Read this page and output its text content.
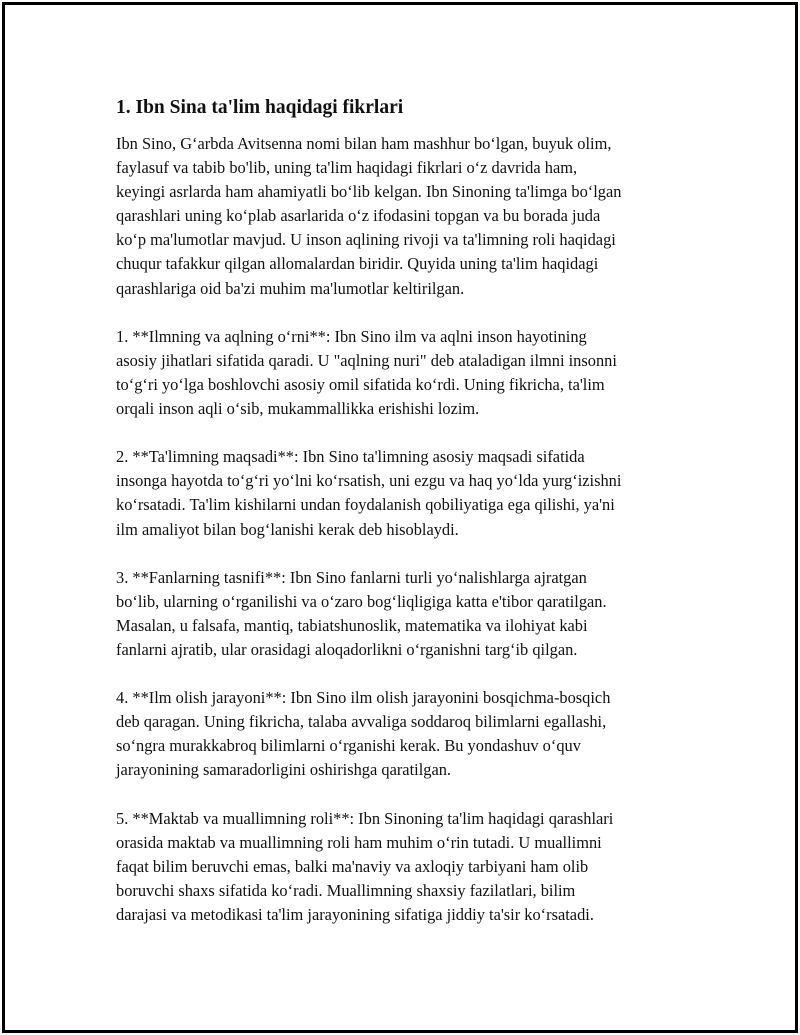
1. Ibn Sina ta'lim haqidagi fikrlari

Ibn Sino, G‘arbda Avitsenna nomi bilan ham mashhur bo‘lgan, buyuk olim,
faylasuf va tabib bo'lib, uning ta'lim haqidagi fikrlari o‘z davrida ham,
keyingi asrlarda ham ahamiyatli bo‘lib kelgan. Ibn Sinoning ta'limga bo‘lgan
qarashlari uning ko‘plab asarlarida o‘z ifodasini topgan va bu borada juda
ko‘p ma'lumotlar mavjud. U inson aqlining rivoji va ta'limning roli haqidagi
chuqur tafakkur qilgan allomalardan biridir. Quyida uning ta'lim haqidagi
qarashlariga oid ba'zi muhim ma'lumotlar keltirilgan.

1. **Ilmning va aqlning o‘rni**: Ibn Sino ilm va aqlni inson hayotining
asosiy jihatlari sifatida qaradi. U "aqlning nuri" deb ataladigan ilmni insonni
to‘g‘ri yo‘lga boshlovchi asosiy omil sifatida ko‘rdi. Uning fikricha, ta'lim
orqali inson aqli o‘sib, mukammallikka erishishi lozim.

2. **Ta'limning maqsadi**: Ibn Sino ta'limning asosiy maqsadi sifatida
insonga hayotda to‘g‘ri yo‘lni ko‘rsatish, uni ezgu va haq yo‘lda yurg‘izishni
ko‘rsatadi. Ta'lim kishilarni undan foydalanish qobiliyatiga ega qilishi, ya'ni
ilm amaliyot bilan bog‘lanishi kerak deb hisoblaydi.

3. **Fanlarning tasnifi**: Ibn Sino fanlarni turli yo‘nalishlarga ajratgan
bo‘lib, ularning o‘rganilishi va o‘zaro bog‘liqligiga katta e'tibor qaratilgan.
Masalan, u falsafa, mantiq, tabiatshunoslik, matematika va ilohiyat kabi
fanlarni ajratib, ular orasidagi aloqadorlikni o‘rganishni targ‘ib qilgan.

4. **Ilm olish jarayoni**: Ibn Sino ilm olish jarayonini bosqichma-bosqich
deb qaragan. Uning fikricha, talaba avvaliga soddaroq bilimlarni egallashi,
so‘ngra murakkabroq bilimlarni o‘rganishi kerak. Bu yondashuv o‘quv
jarayonining samaradorligini oshirishga qaratilgan.

5. **Maktab va muallimning roli**: Ibn Sinoning ta'lim haqidagi qarashlari
orasida maktab va muallimning roli ham muhim o‘rin tutadi. U muallimni
faqat bilim beruvchi emas, balki ma'naviy va axloqiy tarbiyani ham olib
boruvchi shaxs sifatida ko‘radi. Muallimning shaxsiy fazilatlari, bilim
darajasi va metodikasi ta'lim jarayonining sifatiga jiddiy ta'sir ko‘rsatadi.
